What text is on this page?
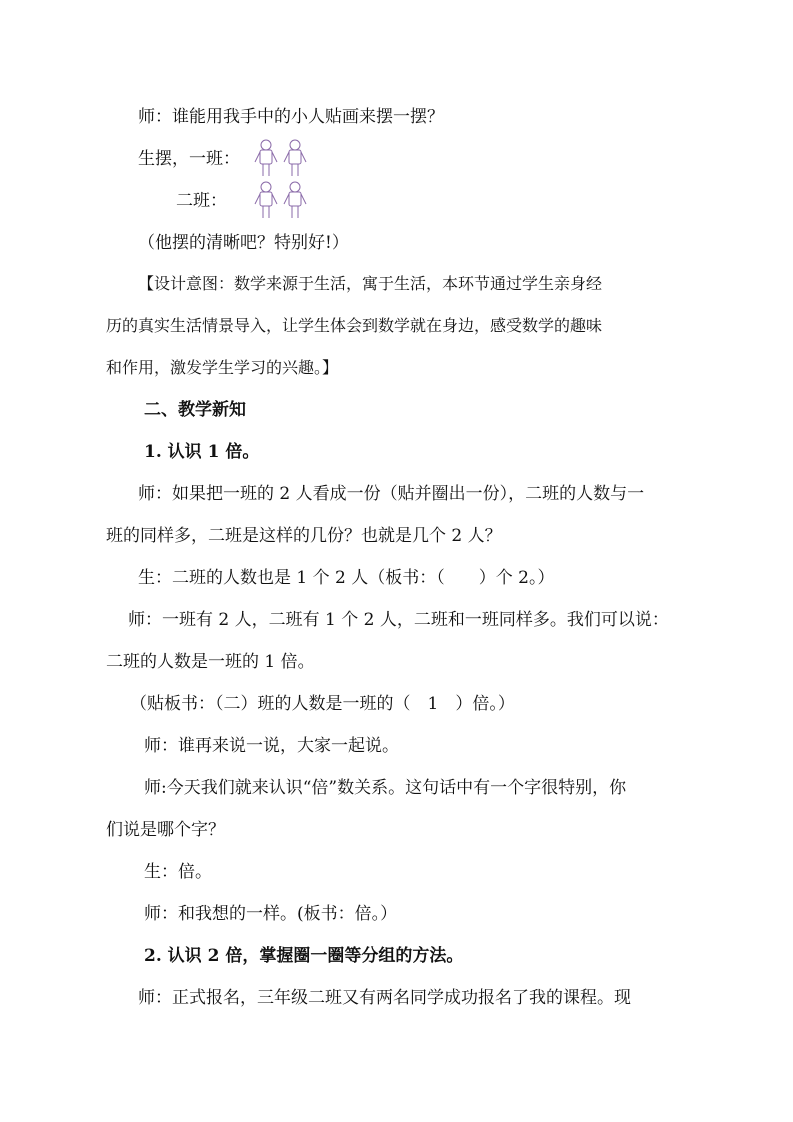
师：谁能用我手中的小人贴画来摆一摆？
生摆，一班：
二班：
（他摆的清晰吧？特别好!）
【设计意图：数学来源于生活，寓于生活，本环节通过学生亲身经
历的真实生活情景导入，让学生体会到数学就在身边，感受数学的趣味
和作用，激发学生学习的兴趣。】
二、教学新知
1. 认识 1 倍。
师：如果把一班的 2 人看成一份（贴并圈出一份），二班的人数与一
班的同样多，二班是这样的几份？也就是几个 2 人？
生：二班的人数也是 1 个 2 人（板书：（　　）个 2。）
师：一班有 2 人，二班有 1 个 2 人，二班和一班同样多。我们可以说：
二班的人数是一班的 1 倍。
（贴板书：（二）班的人数是一班的（　1　）倍。）
师：谁再来说一说，大家一起说。
师:今天我们就来认识“倍”数关系。这句话中有一个字很特别，你
们说是哪个字？
生：倍。
师：和我想的一样。(板书：倍。）
2. 认识 2 倍，掌握圈一圈等分组的方法。
师：正式报名，三年级二班又有两名同学成功报名了我的课程。现
